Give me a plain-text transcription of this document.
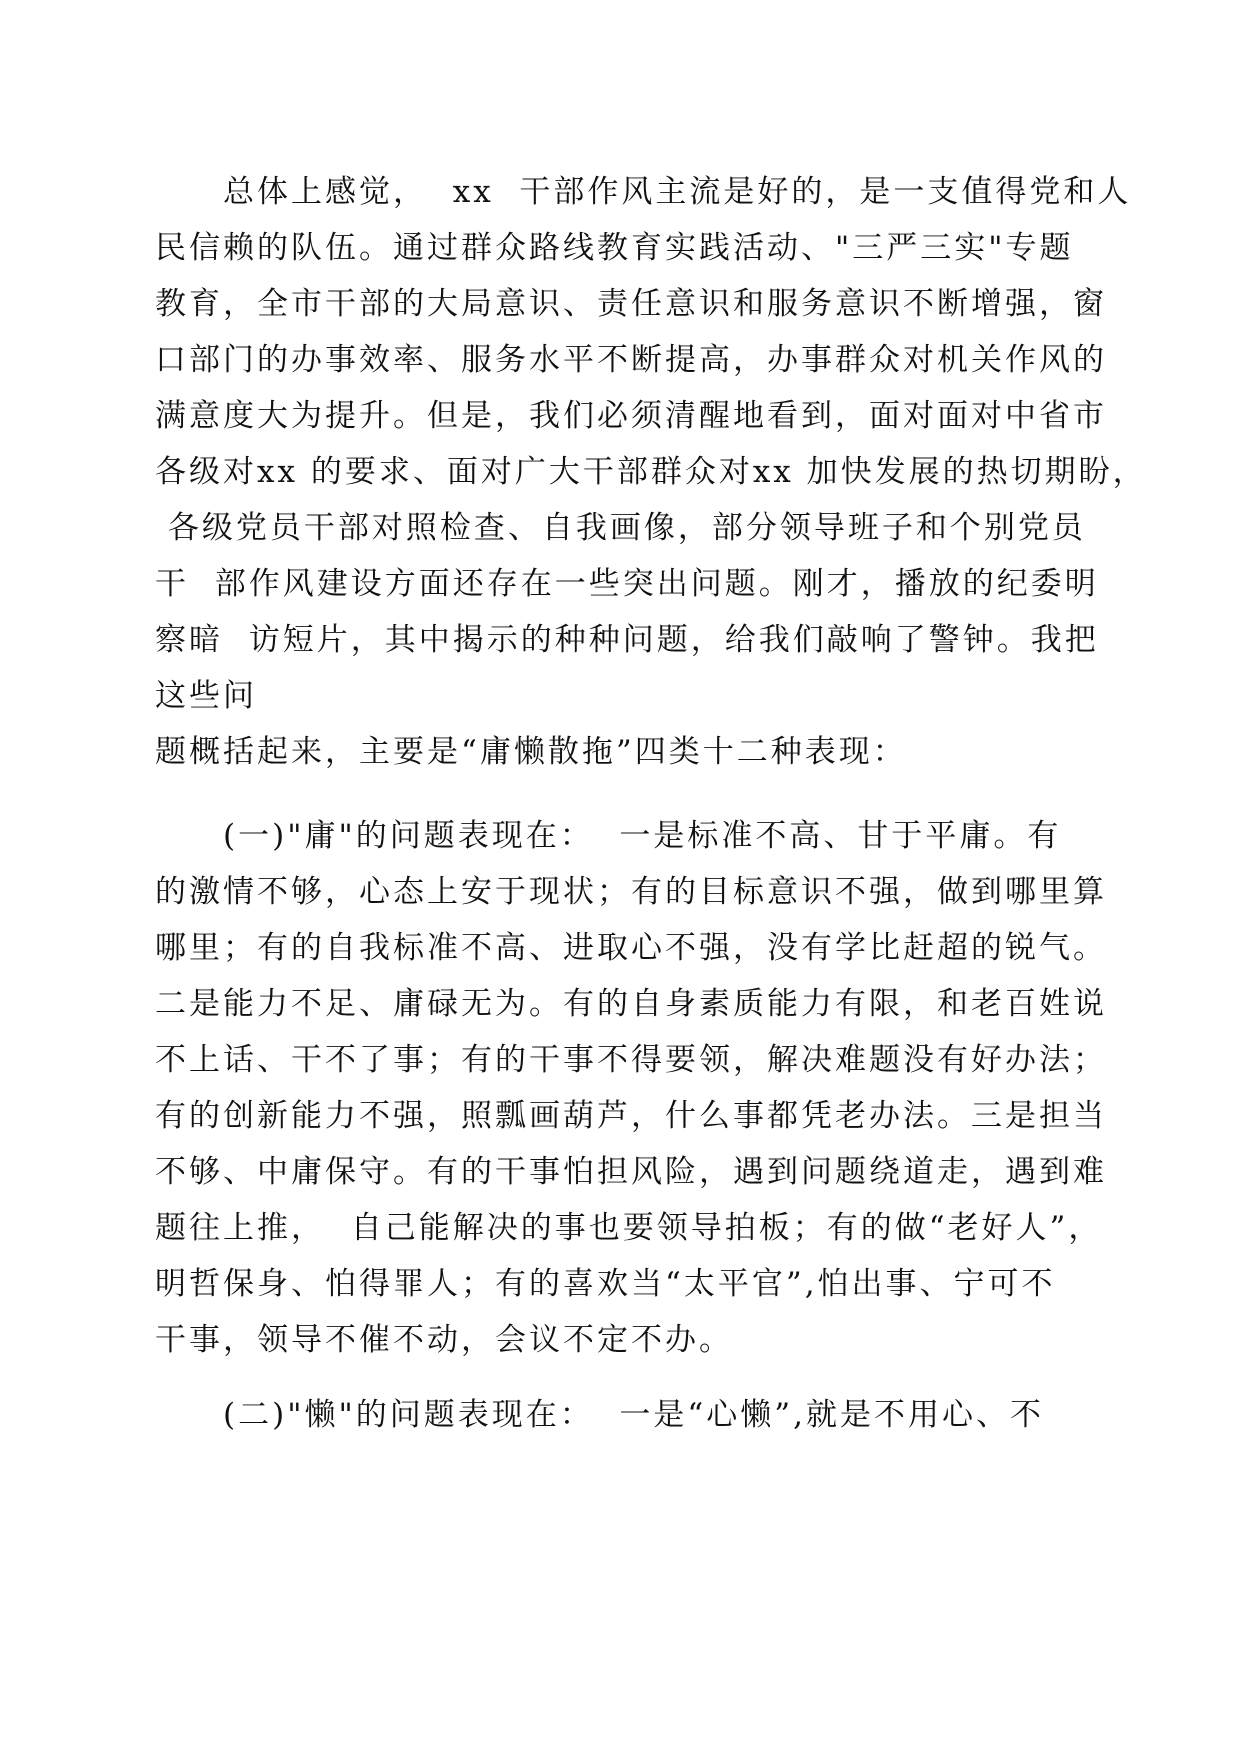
　　总体上感觉，  xx  干部作风主流是好的，是一支值得党和人
民信赖的队伍。通过群众路线教育实践活动、"三严三实"专题
教育，全市干部的大局意识、责任意识和服务意识不断增强，窗
口部门的办事效率、服务水平不断提高，办事群众对机关作风的
满意度大为提升。但是，我们必须清醒地看到，面对面对中省市
各级对xx 的要求、面对广大干部群众对xx 加快发展的热切期盼，
各级党员干部对照检查、自我画像，部分领导班子和个别党员
干  部作风建设方面还存在一些突出问题。刚才，播放的纪委明
察暗  访短片，其中揭示的种种问题，给我们敲响了警钟。我把
这些问
题概括起来，主要是“庸懒散拖”四类十二种表现：
　　(一)"庸"的问题表现在：  一是标准不高、甘于平庸。有
的激情不够，心态上安于现状；有的目标意识不强，做到哪里算
哪里；有的自我标准不高、进取心不强，没有学比赶超的锐气。
二是能力不足、庸碌无为。有的自身素质能力有限，和老百姓说
不上话、干不了事；有的干事不得要领，解决难题没有好办法；
有的创新能力不强，照瓢画葫芦，什么事都凭老办法。三是担当
不够、中庸保守。有的干事怕担风险，遇到问题绕道走，遇到难
题往上推，  自己能解决的事也要领导拍板；有的做“老好人”，
明哲保身、怕得罪人；有的喜欢当“太平官”,怕出事、宁可不
干事，领导不催不动，会议不定不办。
　　(二)"懒"的问题表现在：  一是“心懒”,就是不用心、不
